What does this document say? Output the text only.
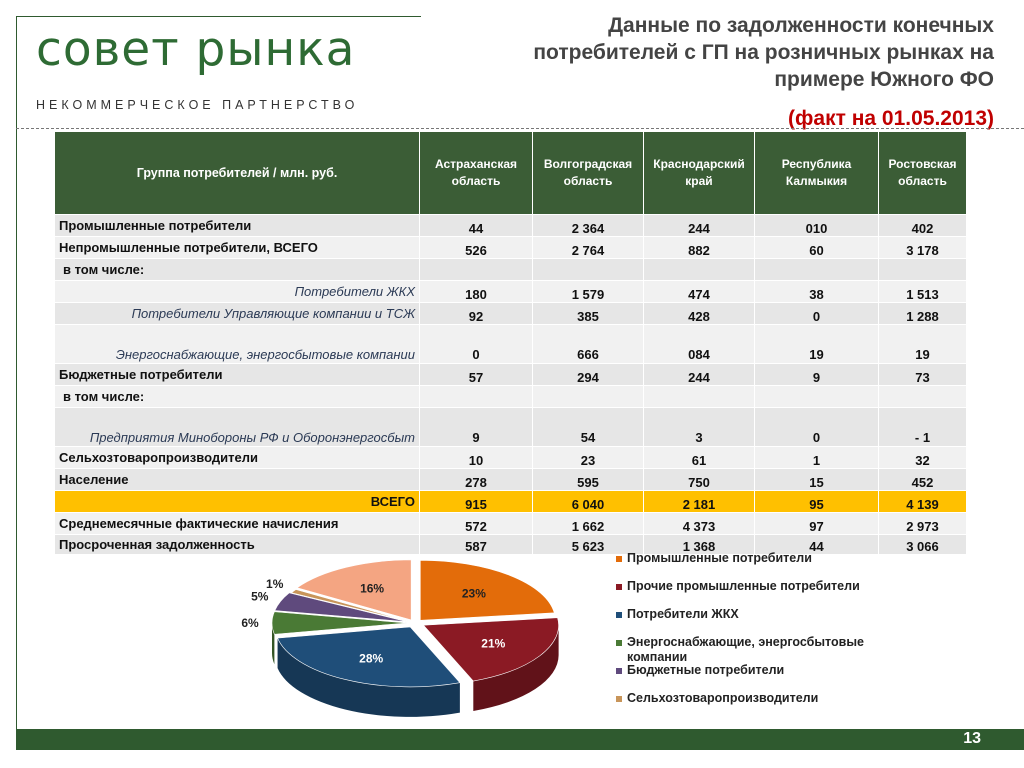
совет рынка
НЕКОММЕРЧЕСКОЕ ПАРТНЕРСТВО
Данные по задолженности конечных
потребителей с ГП на розничных рынках на
примере Южного ФО
(факт на 01.05.2013)
Группа потребителей / млн. руб.	Астраханская область	Волгоградская область	Краснодарский край	Республика Калмыкия	Ростовская область
Промышленные потребители	44	2 364	244	010	402
Непромышленные потребители, ВСЕГО	526	2 764	882	60	3 178
в том числе:					
Потребители ЖКХ	180	1 579	474	38	1 513
Потребители Управляющие компании и ТСЖ	92	385	428	0	1 288
Энергоснабжающие, энергосбытовые компании	0	666	084	19	19
Бюджетные потребители	57	294	244	9	73
в том числе:					
Предприятия Минобороны РФ и Оборонэнергосбыт	9	54	3	0	- 1
Сельхозтоваропроизводители	10	23	61	1	32
Население	278	595	750	15	452
ВСЕГО	915	6 040	2 181	95	4 139
Среднемесячные фактические начисления	572	1 662	4 373	97	2 973
Просроченная задолженность	587	5 623	1 368	44	3 066
23%
21%
28%
6%
5%
1%	16%
Промышленные потребители
Прочие промышленные потребители
Потребители ЖКХ
Энергоснабжающие, энергосбытовые компании
Бюджетные потребители
Сельхозтоваропроизводители
13
